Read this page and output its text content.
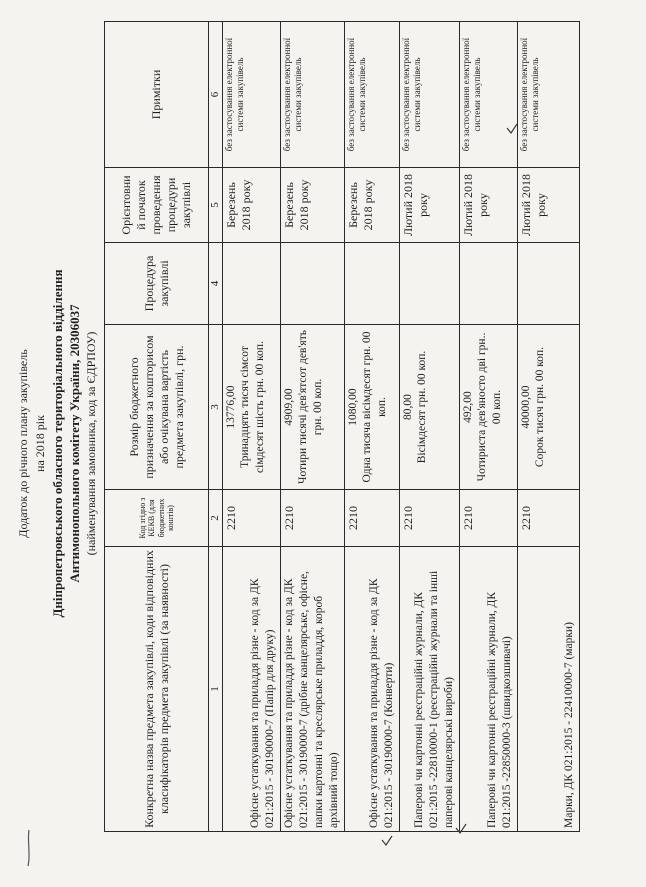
Додаток до річного плану закупівель на 2018 рік Дніпропетровського обласного територіального відділення Антимонопольного комітету України, 20306037 (найменування замовника, код за ЄДРПОУ)
Конкретна назва предмета закупівлі, коди відповідних класифікаторів предмета закупівлі (за наявності)	Код згідно з КЕКВ (для бюджетних коштів)	Розмір бюджетного призначення за кошторисом або очікувана вартість предмета закупівлі, грн.	Процедура закупівлі	Орієнтовни й початок проведення процедури закупівлі	Примітки
1	2	3	4	5	6
Офісне устаткування та приладдя різне - код за ДК 021:2015 - 30190000-7 (Папір для друку)	2210	13776,00 Тринадцять тисяч сімсот сімдесят шість грн. 00 коп.		Березень 2018 року	без застосування електронної системи закупівель
Офісне устаткування та приладдя різне - код за ДК 021:2015 - 30190000-7 (дрібне канцелярське, офісне, папки картонні та креслярське приладдя, короб архівний тощо)	2210	4909,00 Чотири тисячі дев'ятсот дев'ять грн. 00 коп.		Березень 2018 року	без застосування електронної системи закупівель
Офісне устаткування та приладдя різне - код за ДК 021:2015 - 30190000-7 (Конверти)	2210	1080,00 Одна тисяча вісімдесят грн. 00 коп.		Березень 2018 року	без застосування електронної системи закупівель
Паперові чи картонні реєстраційні журнали, ДК 021:2015 -22810000-1 (реєстраційні журнали та інші паперові канцелярські вироби)	2210	80,00 Вісімдесят грн. 00 коп.		Лютий 2018 року	без застосування електронної системи закупівель
Паперові чи картонні реєстраційні журнали, ДК 021:2015 -22850000-3 (швидкозшивачі)	2210	492,00 Чотириста дев'яносто дві грн.. 00 коп.		Лютий 2018 року	без застосування електронної системи закупівель
Марки, ДК 021:2015 - 22410000-7 (марки)	2210	40000,00 Сорок тисяч грн. 00 коп.		Лютий 2018 року	без застосування електронної системи закупівель
